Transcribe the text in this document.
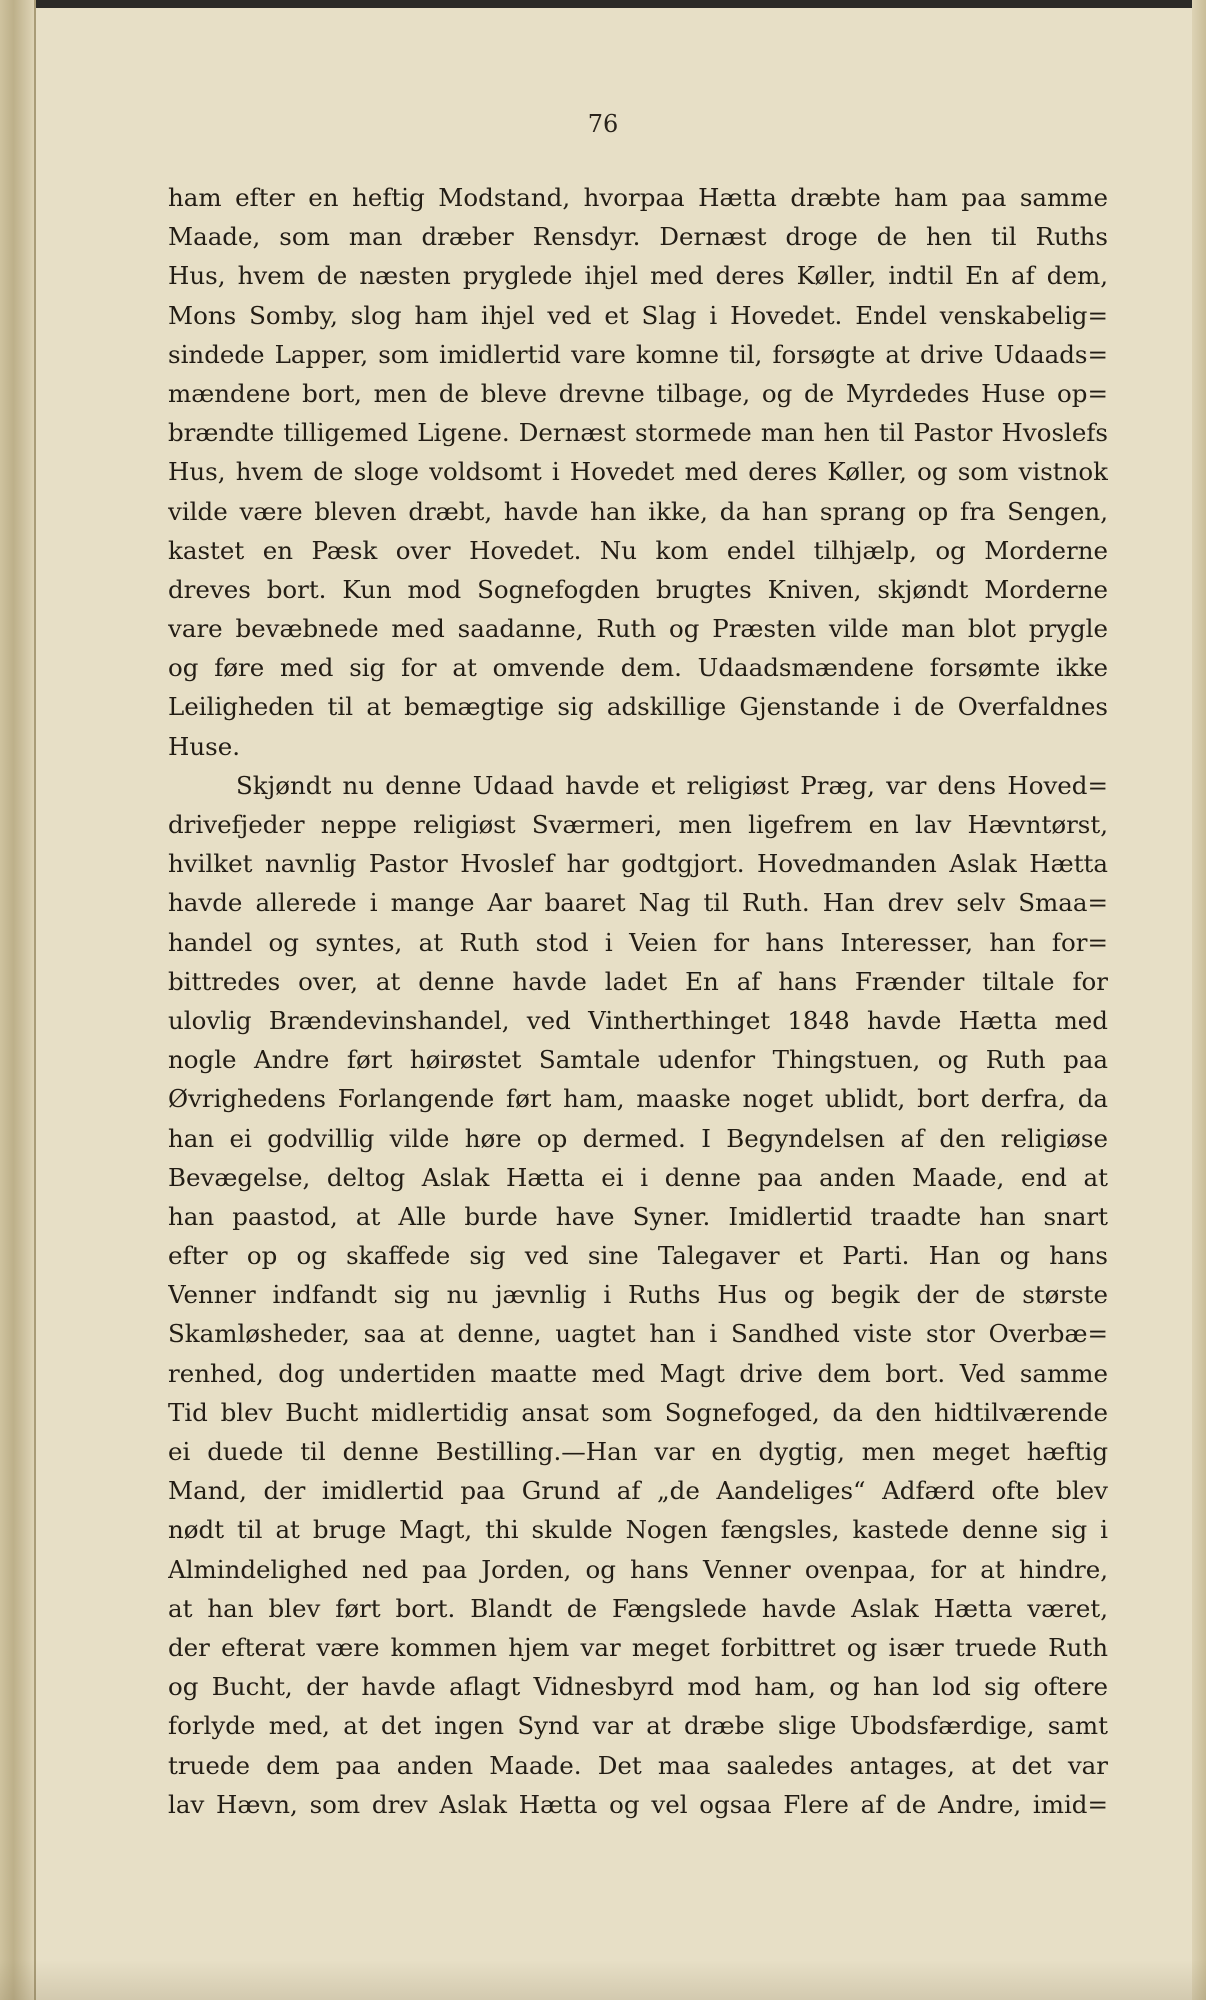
76
ham efter en heftig Modstand, hvorpaa Hætta dræbte ham paa samme
Maade, som man dræber Rensdyr. Dernæst droge de hen til Ruths
Hus, hvem de næsten pryglede ihjel med deres Køller, indtil En af dem,
Mons Somby, slog ham ihjel ved et Slag i Hovedet. Endel venskabelig=
sindede Lapper, som imidlertid vare komne til, forsøgte at drive Udaads=
mændene bort, men de bleve drevne tilbage, og de Myrdedes Huse op=
brændte tilligemed Ligene. Dernæst stormede man hen til Pastor Hvoslefs
Hus, hvem de sloge voldsomt i Hovedet med deres Køller, og som vistnok
vilde være bleven dræbt, havde han ikke, da han sprang op fra Sengen,
kastet en Pæsk over Hovedet. Nu kom endel tilhjælp, og Morderne
dreves bort. Kun mod Sognefogden brugtes Kniven, skjøndt Morderne
vare bevæbnede med saadanne, Ruth og Præsten vilde man blot prygle
og føre med sig for at omvende dem. Udaadsmændene forsømte ikke
Leiligheden til at bemægtige sig adskillige Gjenstande i de Overfaldnes
Huse.
Skjøndt nu denne Udaad havde et religiøst Præg, var dens Hoved=
drivefjeder neppe religiøst Sværmeri, men ligefrem en lav Hævntørst,
hvilket navnlig Pastor Hvoslef har godtgjort. Hovedmanden Aslak Hætta
havde allerede i mange Aar baaret Nag til Ruth. Han drev selv Smaa=
handel og syntes, at Ruth stod i Veien for hans Interesser, han for=
bittredes over, at denne havde ladet En af hans Frænder tiltale for
ulovlig Brændevinshandel, ved Vintherthinget 1848 havde Hætta med
nogle Andre ført høirøstet Samtale udenfor Thingstuen, og Ruth paa
Øvrighedens Forlangende ført ham, maaske noget ublidt, bort derfra, da
han ei godvillig vilde høre op dermed. I Begyndelsen af den religiøse
Bevægelse, deltog Aslak Hætta ei i denne paa anden Maade, end at
han paastod, at Alle burde have Syner. Imidlertid traadte han snart
efter op og skaffede sig ved sine Talegaver et Parti. Han og hans
Venner indfandt sig nu jævnlig i Ruths Hus og begik der de største
Skamløsheder, saa at denne, uagtet han i Sandhed viste stor Overbæ=
renhed, dog undertiden maatte med Magt drive dem bort. Ved samme
Tid blev Bucht midlertidig ansat som Sognefoged, da den hidtilværende
ei duede til denne Bestilling.—Han var en dygtig, men meget hæftig
Mand, der imidlertid paa Grund af „de Aandeliges“ Adfærd ofte blev
nødt til at bruge Magt, thi skulde Nogen fængsles, kastede denne sig i
Almindelighed ned paa Jorden, og hans Venner ovenpaa, for at hindre,
at han blev ført bort. Blandt de Fængslede havde Aslak Hætta været,
der efterat være kommen hjem var meget forbittret og især truede Ruth
og Bucht, der havde aflagt Vidnesbyrd mod ham, og han lod sig oftere
forlyde med, at det ingen Synd var at dræbe slige Ubodsfærdige, samt
truede dem paa anden Maade. Det maa saaledes antages, at det var
lav Hævn, som drev Aslak Hætta og vel ogsaa Flere af de Andre, imid=
